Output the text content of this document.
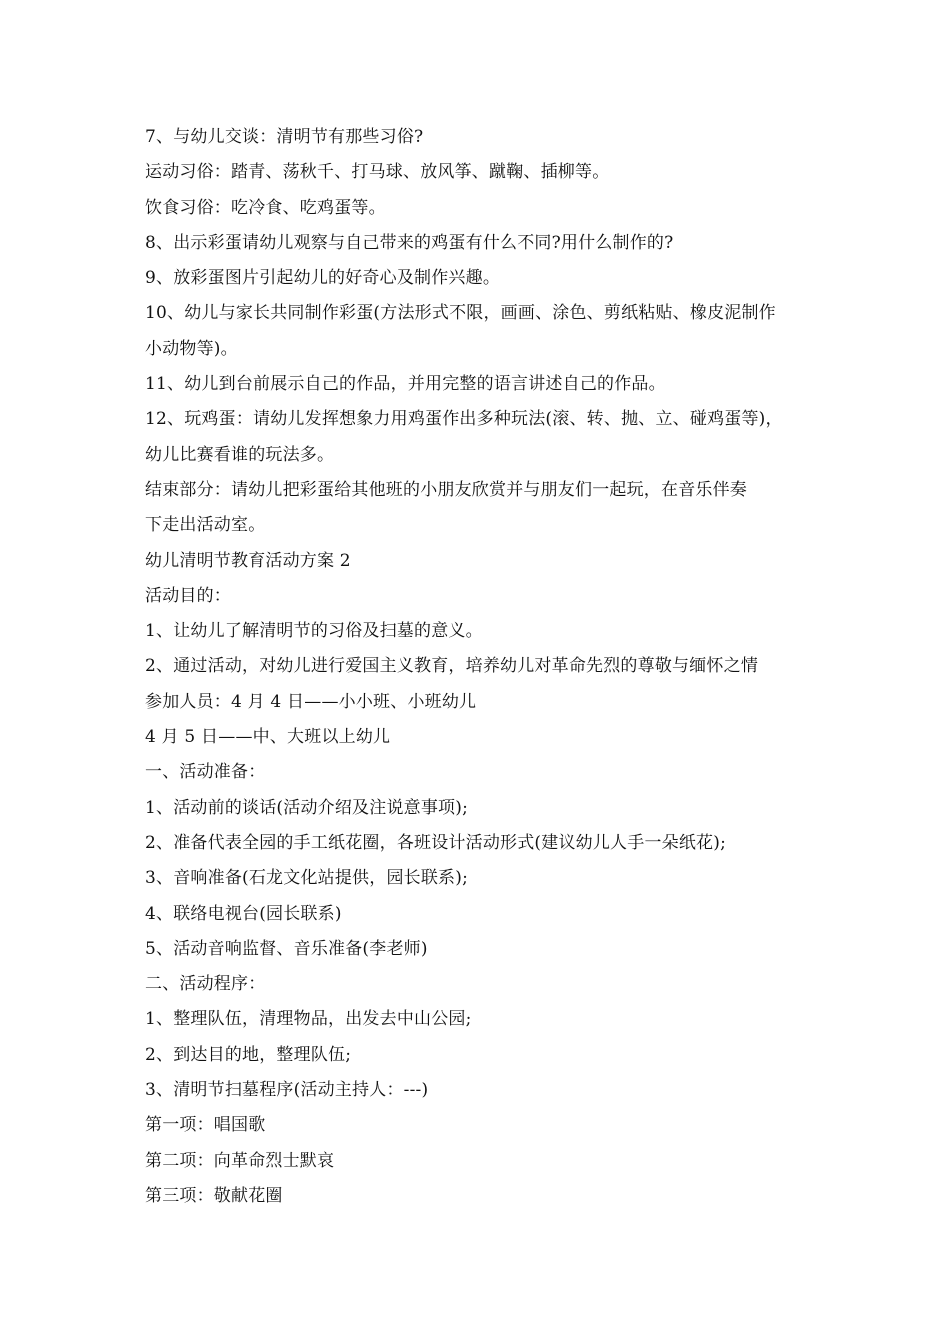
7、与幼儿交谈：清明节有那些习俗?
运动习俗：踏青、荡秋千、打马球、放风筝、蹴鞠、插柳等。
饮食习俗：吃冷食、吃鸡蛋等。
8、出示彩蛋请幼儿观察与自己带来的鸡蛋有什么不同?用什么制作的?
9、放彩蛋图片引起幼儿的好奇心及制作兴趣。
10、幼儿与家长共同制作彩蛋(方法形式不限，画画、涂色、剪纸粘贴、橡皮泥制作
小动物等)。
11、幼儿到台前展示自己的作品，并用完整的语言讲述自己的作品。
12、玩鸡蛋：请幼儿发挥想象力用鸡蛋作出多种玩法(滚、转、抛、立、碰鸡蛋等)，
幼儿比赛看谁的玩法多。
结束部分：请幼儿把彩蛋给其他班的小朋友欣赏并与朋友们一起玩，在音乐伴奏
下走出活动室。
幼儿清明节教育活动方案 2
活动目的：
1、让幼儿了解清明节的习俗及扫墓的意义。
2、通过活动，对幼儿进行爱国主义教育，培养幼儿对革命先烈的尊敬与缅怀之情
参加人员：4 月 4 日——小小班、小班幼儿
4 月 5 日——中、大班以上幼儿
一、活动准备：
1、活动前的谈话(活动介绍及注说意事项);
2、准备代表全园的手工纸花圈，各班设计活动形式(建议幼儿人手一朵纸花);
3、音响准备(石龙文化站提供，园长联系);
4、联络电视台(园长联系)
5、活动音响监督、音乐准备(李老师)
二、活动程序：
1、整理队伍，清理物品，出发去中山公园;
2、到达目的地，整理队伍;
3、清明节扫墓程序(活动主持人：---)
第一项：唱国歌
第二项：向革命烈士默哀
第三项：敬献花圈
